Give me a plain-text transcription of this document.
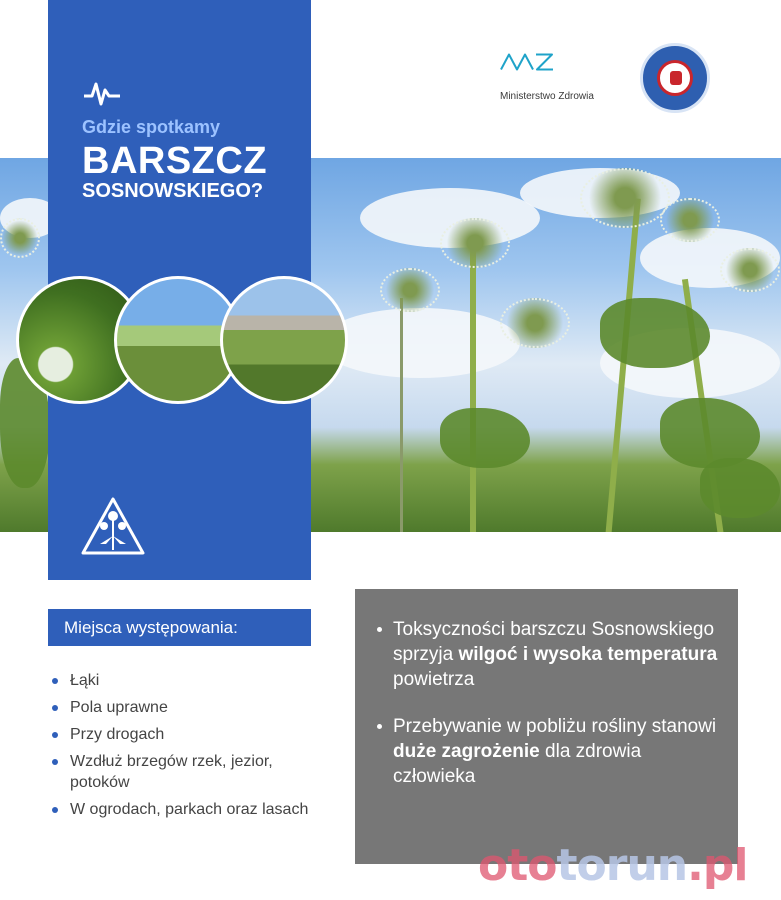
Gdzie spotkamy
BARSZCZ
SOSNOWSKIEGO?
Ministerstwo Zdrowia
Miejsca występowania:
Łąki
Pola uprawne
Przy drogach
Wzdłuż brzegów rzek, jezior, potoków
W ogrodach, parkach oraz lasach
Toksyczności barszczu Sosnowskiego sprzyja wilgoć i wysoka temperatura powietrza
Przebywanie w pobliżu rośliny stanowi duże zagrożenie dla zdrowia człowieka
ototorun.pl
